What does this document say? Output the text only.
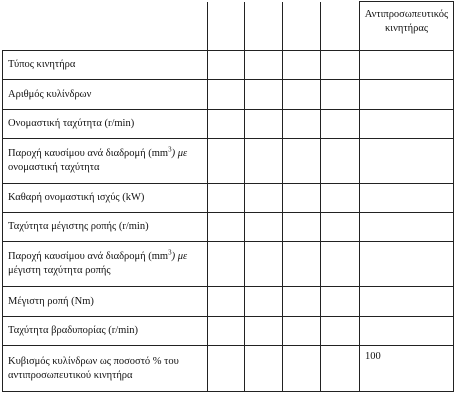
					Αντιπροσωπευτικός
κινητήρας
Τύπος κινητήρα					
Αριθμός κυλίνδρων					
Ονομαστική ταχύτητα (r/min)					
Παροχή καυσίμου ανά διαδρομή $(mm^3)$ με
ονομαστική ταχύτητα					
Καθαρή ονομαστική ισχύς (kW)					
Ταχύτητα μέγιστης ροπής (r/min)					
Παροχή καυσίμου ανά διαδρομή $(mm^3)$ με
μέγιστη ταχύτητα ροπής					
Μέγιστη ροπή (Nm)					
Ταχύτητα βραδυπορίας (r/min)					
Κυβισμός κυλίνδρων ως ποσοστό % του
αντιπροσωπευτικού κινητήρα					100
